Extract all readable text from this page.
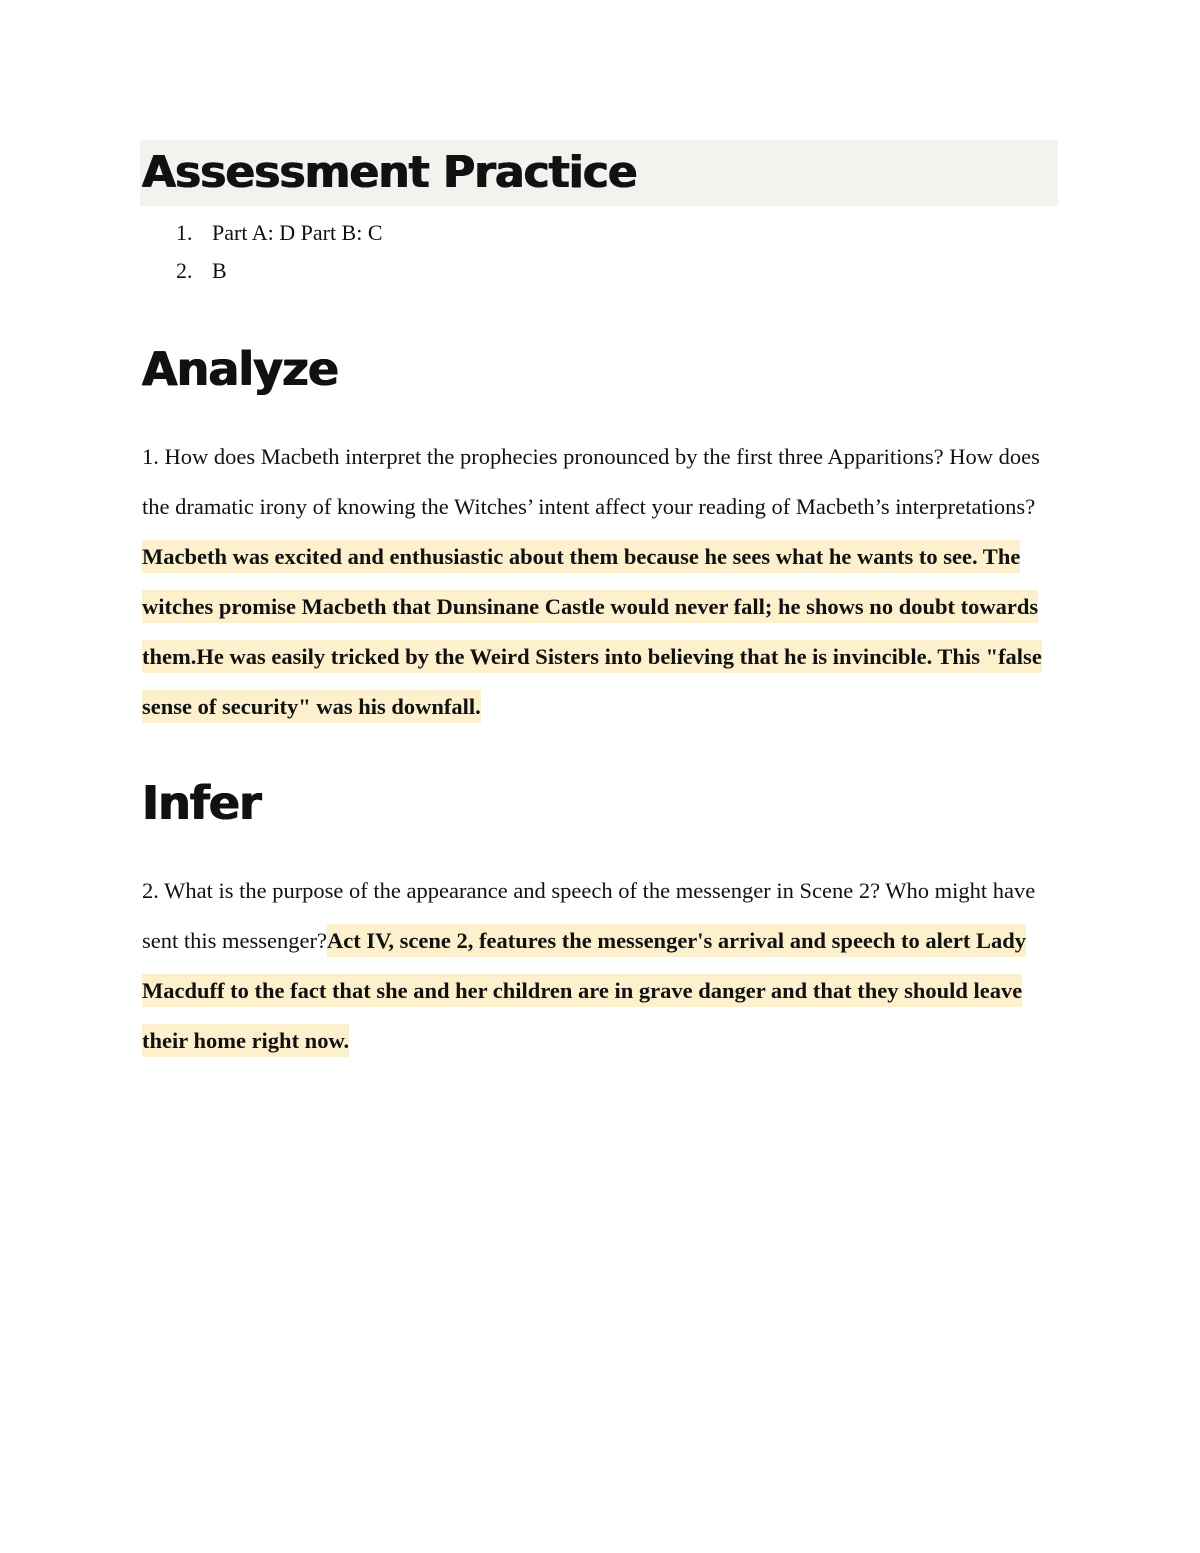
Assessment Practice
1. Part A: D Part B: C
2. B
Analyze

1. How does Macbeth interpret the prophecies pronounced by the first three Apparitions? How does the dramatic irony of knowing the Witches’ intent affect your reading of Macbeth’s interpretations? Macbeth was excited and enthusiastic about them because he sees what he wants to see. The witches promise Macbeth that Dunsinane Castle would never fall; he shows no doubt towards them.He was easily tricked by the Weird Sisters into believing that he is invincible. This "false sense of security" was his downfall.

Infer

2. What is the purpose of the appearance and speech of the messenger in Scene 2? Who might have sent this messenger?Act IV, scene 2, features the messenger's arrival and speech to alert Lady Macduff to the fact that she and her children are in grave danger and that they should leave their home right now.
